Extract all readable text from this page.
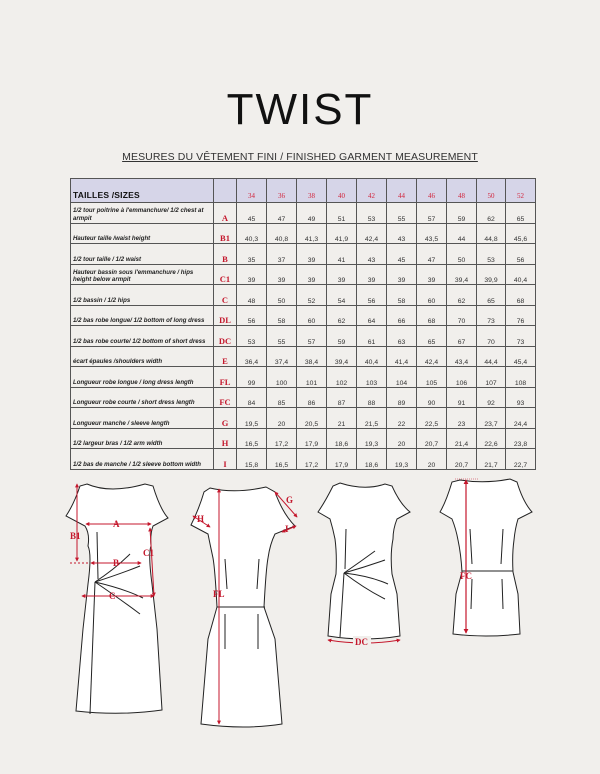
TWIST
MESURES DU VÊTEMENT FINI / FINISHED GARMENT MEASUREMENT
TAILLES /SIZES		34	36	38	40	42	44	46	48	50	52
1/2 tour poitrine à l'emmanchure/ 1/2 chest at armpit	A	45	47	49	51	53	55	57	59	62	65
Hauteur taille /waist height	B1	40,3	40,8	41,3	41,9	42,4	43	43,5	44	44,8	45,6
1/2 tour taille / 1/2 waist	B	35	37	39	41	43	45	47	50	53	56
Hauteur bassin sous l'emmanchure / hips height below armpit	C1	39	39	39	39	39	39	39	39,4	39,9	40,4
1/2 bassin / 1/2 hips	C	48	50	52	54	56	58	60	62	65	68
1/2 bas robe longue/ 1/2 bottom of long dress	DL	56	58	60	62	64	66	68	70	73	76
1/2 bas robe courte/ 1/2 bottom of short dress	DC	53	55	57	59	61	63	65	67	70	73
écart épaules /shoulders width	E	36,4	37,4	38,4	39,4	40,4	41,4	42,4	43,4	44,4	45,4
Longueur robe longue / long dress length	FL	99	100	101	102	103	104	105	106	107	108
Longueur robe courte / short dress length	FC	84	85	86	87	88	89	90	91	92	93
Longueur manche / sleeve length	G	19,5	20	20,5	21	21,5	22	22,5	23	23,7	24,4
1/2 largeur bras / 1/2 arm width	H	16,5	17,2	17,9	18,6	19,3	20	20,7	21,4	22,6	23,8
1/2 bas de manche / 1/2 sleeve bottom width	I	15,8	16,5	17,2	17,9	18,6	19,3	20	20,7	21,7	22,7
A
B1
B
C1
C
H
G
I
FL
DC
FC
